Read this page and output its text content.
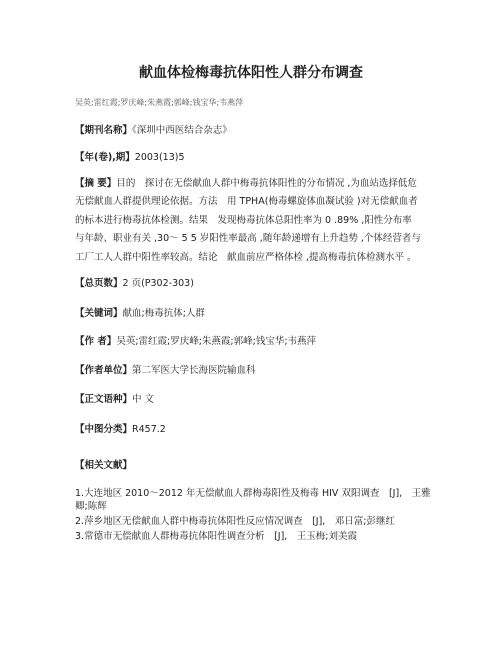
献血体检梅毒抗体阳性人群分布调查
吴英;雷红霞;罗庆峰;朱燕霞;郭峰;钱宝华;韦燕萍
【期刊名称】《深圳中西医结合杂志》
【年(卷),期】2003(13)5
【摘 要】目的　探讨在无偿献血人群中梅毒抗体阳性的分布情况 ,为血站选择低危
无偿献血人群提供理论依据。方法　用 TPHA(梅毒螺旋体血凝试验 )对无偿献血者
的标本进行梅毒抗体检测。结果　发现梅毒抗体总阳性率为 0 .89% ,阳性分布率
与年龄、职业有关 ,30～ 5 5 岁阳性率最高 ,随年龄递增有上升趋势 ,个体经营者与
工厂工人人群中阳性率较高。结论　献血前应严格体检 ,提高梅毒抗体检测水平 。
【总页数】2 页(P302-303)
【关键词】献血;梅毒抗体;人群
【作 者】吴英;雷红霞;罗庆峰;朱燕霞;郭峰;钱宝华;韦燕萍
【作者单位】第二军医大学长海医院输血科
【正文语种】中 文
【中图分类】R457.2
【相关文献】
1.大连地区 2010～2012 年无偿献血人群梅毒阳性及梅毒 HIV 双阳调查　[J],　王雅
卿;陈辉
2.萍乡地区无偿献血人群中梅毒抗体阳性反应情况调查　[J],　邓日富;彭继红
3.常德市无偿献血人群梅毒抗体阳性调查分析　[J],　王玉梅;刘美霞
